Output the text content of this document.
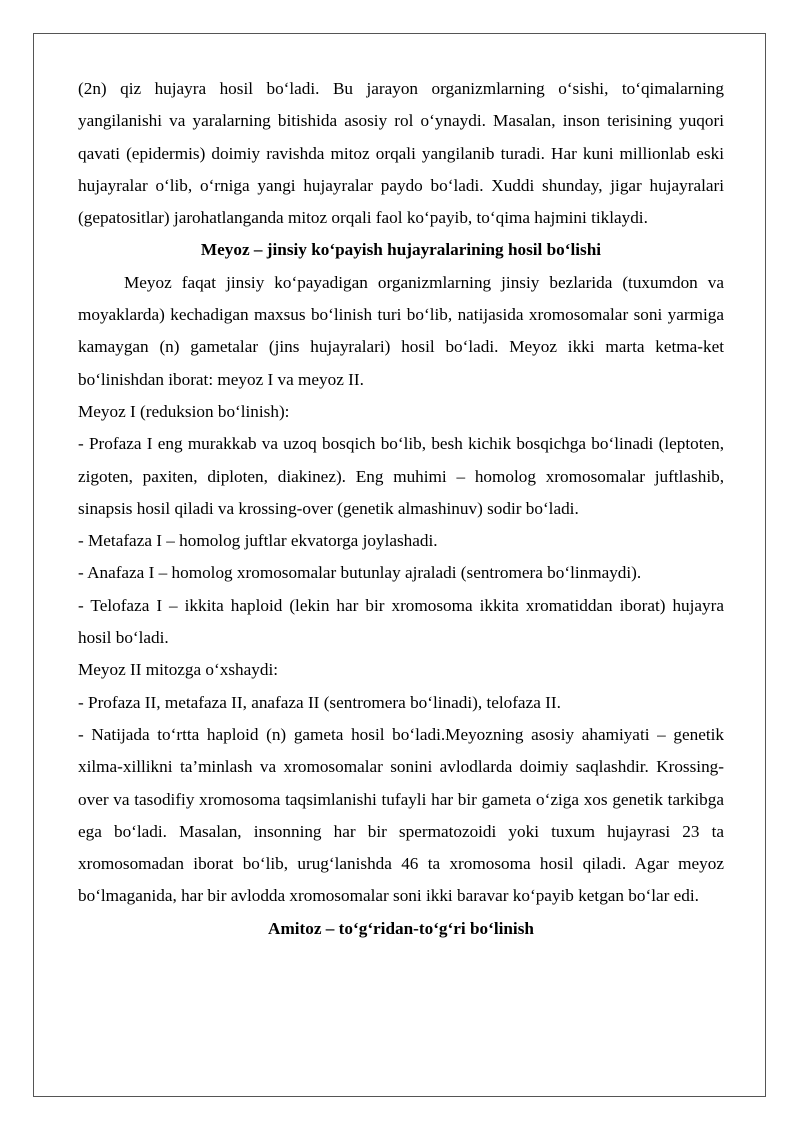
(2n) qiz hujayra hosil bo‘ladi. Bu jarayon organizmlarning o‘sishi, to‘qimalarning yangilanishi va yaralarning bitishida asosiy rol o‘ynaydi. Masalan, inson terisining yuqori qavati (epidermis) doimiy ravishda mitoz orqali yangilanib turadi. Har kuni millionlab eski hujayralar o‘lib, o‘rniga yangi hujayralar paydo bo‘ladi. Xuddi shunday, jigar hujayralari (gepatositlar) jarohatlanganda mitoz orqali faol ko‘payib, to‘qima hajmini tiklaydi.

Meyoz – jinsiy ko‘payish hujayralarining hosil bo‘lishi

Meyoz faqat jinsiy ko‘payadigan organizmlarning jinsiy bezlarida (tuxumdon va moyaklarda) kechadigan maxsus bo‘linish turi bo‘lib, natijasida xromosomalar soni yarmiga kamaygan (n) gametalar (jins hujayralari) hosil bo‘ladi. Meyoz ikki marta ketma-ket bo‘linishdan iborat: meyoz I va meyoz II.

Meyoz I (reduksion bo‘linish):

- Profaza I eng murakkab va uzoq bosqich bo‘lib, besh kichik bosqichga bo‘linadi (leptoten, zigoten, paxiten, diploten, diakinez). Eng muhimi – homolog xromosomalar juftlashib, sinapsis hosil qiladi va krossing-over (genetik almashinuv) sodir bo‘ladi.

- Metafaza I – homolog juftlar ekvatorga joylashadi.

- Anafaza I – homolog xromosomalar butunlay ajraladi (sentromera bo‘linmaydi).

- Telofaza I – ikkita haploid (lekin har bir xromosoma ikkita xromatiddan iborat) hujayra hosil bo‘ladi.

Meyoz II mitozga o‘xshaydi:

- Profaza II, metafaza II, anafaza II (sentromera bo‘linadi), telofaza II.

- Natijada to‘rtta haploid (n) gameta hosil bo‘ladi.Meyozning asosiy ahamiyati – genetik xilma-xillikni ta’minlash va xromosomalar sonini avlodlarda doimiy saqlashdir. Krossing-over va tasodifiy xromosoma taqsimlanishi tufayli har bir gameta o‘ziga xos genetik tarkibga ega bo‘ladi. Masalan, insonning har bir spermatozoidi yoki tuxum hujayrasi 23 ta xromosomadan iborat bo‘lib, urug‘lanishda 46 ta xromosoma hosil qiladi. Agar meyoz bo‘lmaganida, har bir avlodda xromosomalar soni ikki baravar ko‘payib ketgan bo‘lar edi.

Amitoz – to‘g‘ridan-to‘g‘ri bo‘linish
